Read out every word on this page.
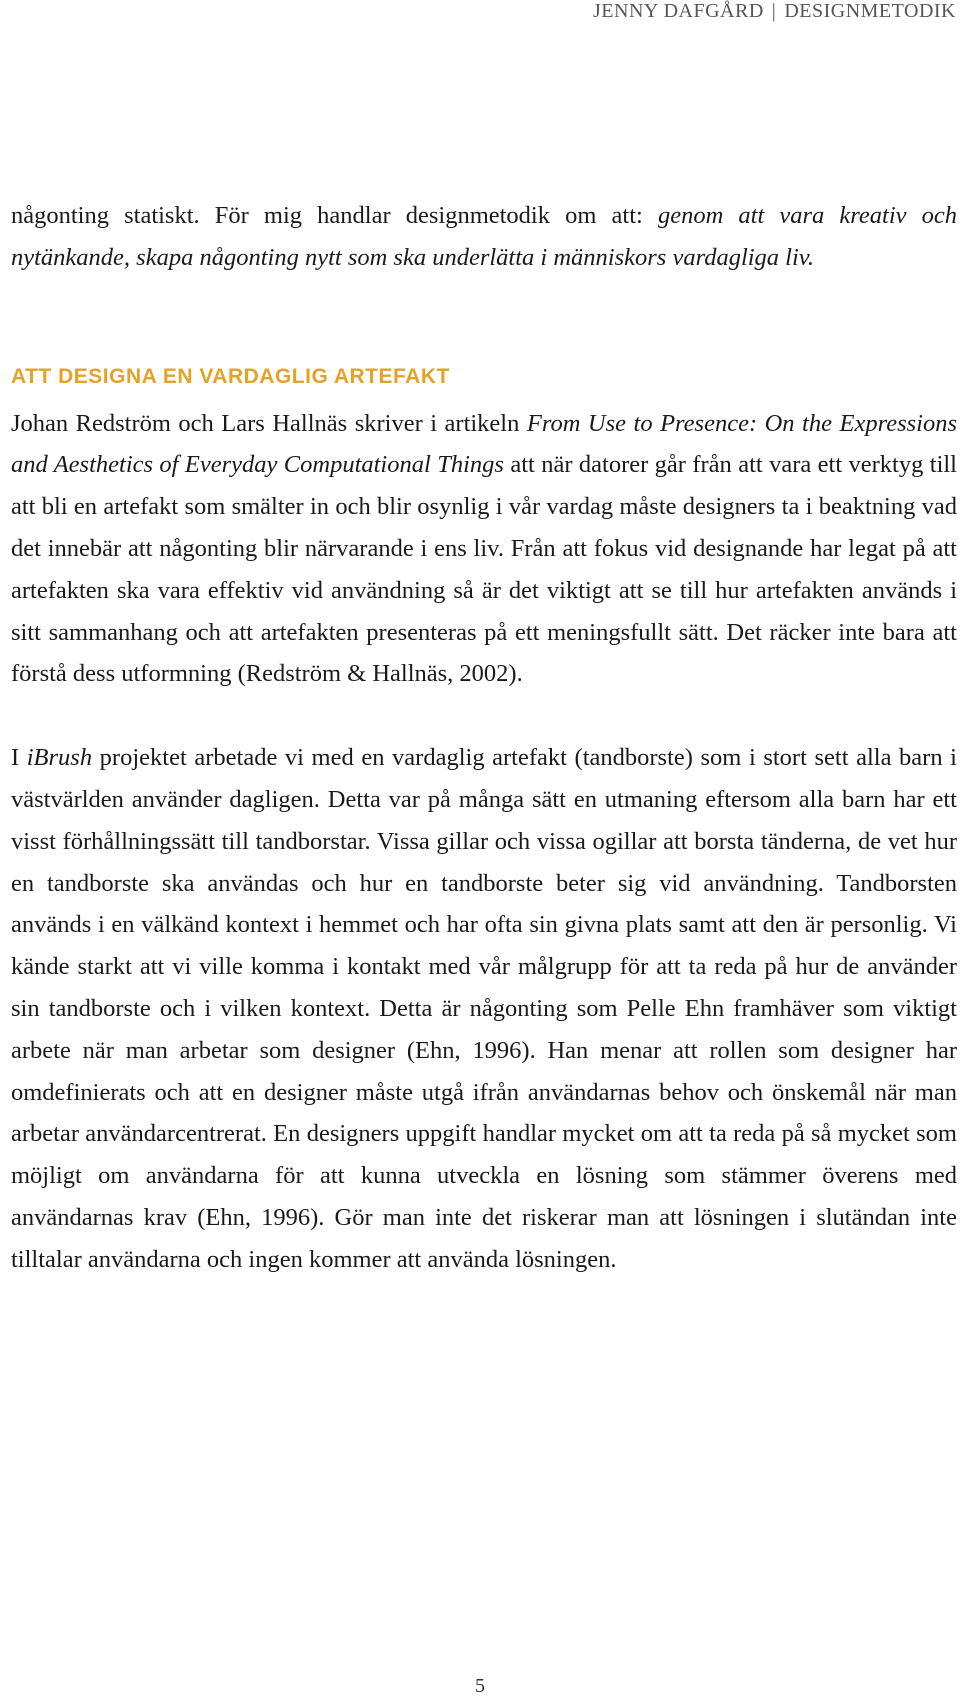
JENNY DAFGÅRD | DESIGNMETODIK

någonting statiskt. För mig handlar designmetodik om att: genom att vara kreativ och nytänkande, skapa någonting nytt som ska underlätta i människors vardagliga liv.

ATT DESIGNA EN VARDAGLIG ARTEFAKT

Johan Redström och Lars Hallnäs skriver i artikeln From Use to Presence: On the Expressions and Aesthetics of Everyday Computational Things att när datorer går från att vara ett verktyg till att bli en artefakt som smälter in och blir osynlig i vår vardag måste designers ta i beaktning vad det innebär att någonting blir närvarande i ens liv. Från att fokus vid designande har legat på att artefakten ska vara effektiv vid användning så är det viktigt att se till hur artefakten används i sitt sammanhang och att artefakten presenteras på ett meningsfullt sätt. Det räcker inte bara att förstå dess utformning (Redström & Hallnäs, 2002).

I iBrush projektet arbetade vi med en vardaglig artefakt (tandborste) som i stort sett alla barn i västvärlden använder dagligen. Detta var på många sätt en utmaning eftersom alla barn har ett visst förhållningssätt till tandborstar. Vissa gillar och vissa ogillar att borsta tänderna, de vet hur en tandborste ska användas och hur en tandborste beter sig vid användning. Tandborsten används i en välkänd kontext i hemmet och har ofta sin givna plats samt att den är personlig. Vi kände starkt att vi ville komma i kontakt med vår målgrupp för att ta reda på hur de använder sin tandborste och i vilken kontext. Detta är någonting som Pelle Ehn framhäver som viktigt arbete när man arbetar som designer (Ehn, 1996). Han menar att rollen som designer har omdefinierats och att en designer måste utgå ifrån användarnas behov och önskemål när man arbetar användarcentrerat. En designers uppgift handlar mycket om att ta reda på så mycket som möjligt om användarna för att kunna utveckla en lösning som stämmer överens med användarnas krav (Ehn, 1996). Gör man inte det riskerar man att lösningen i slutändan inte tilltalar användarna och ingen kommer att använda lösningen.

5
